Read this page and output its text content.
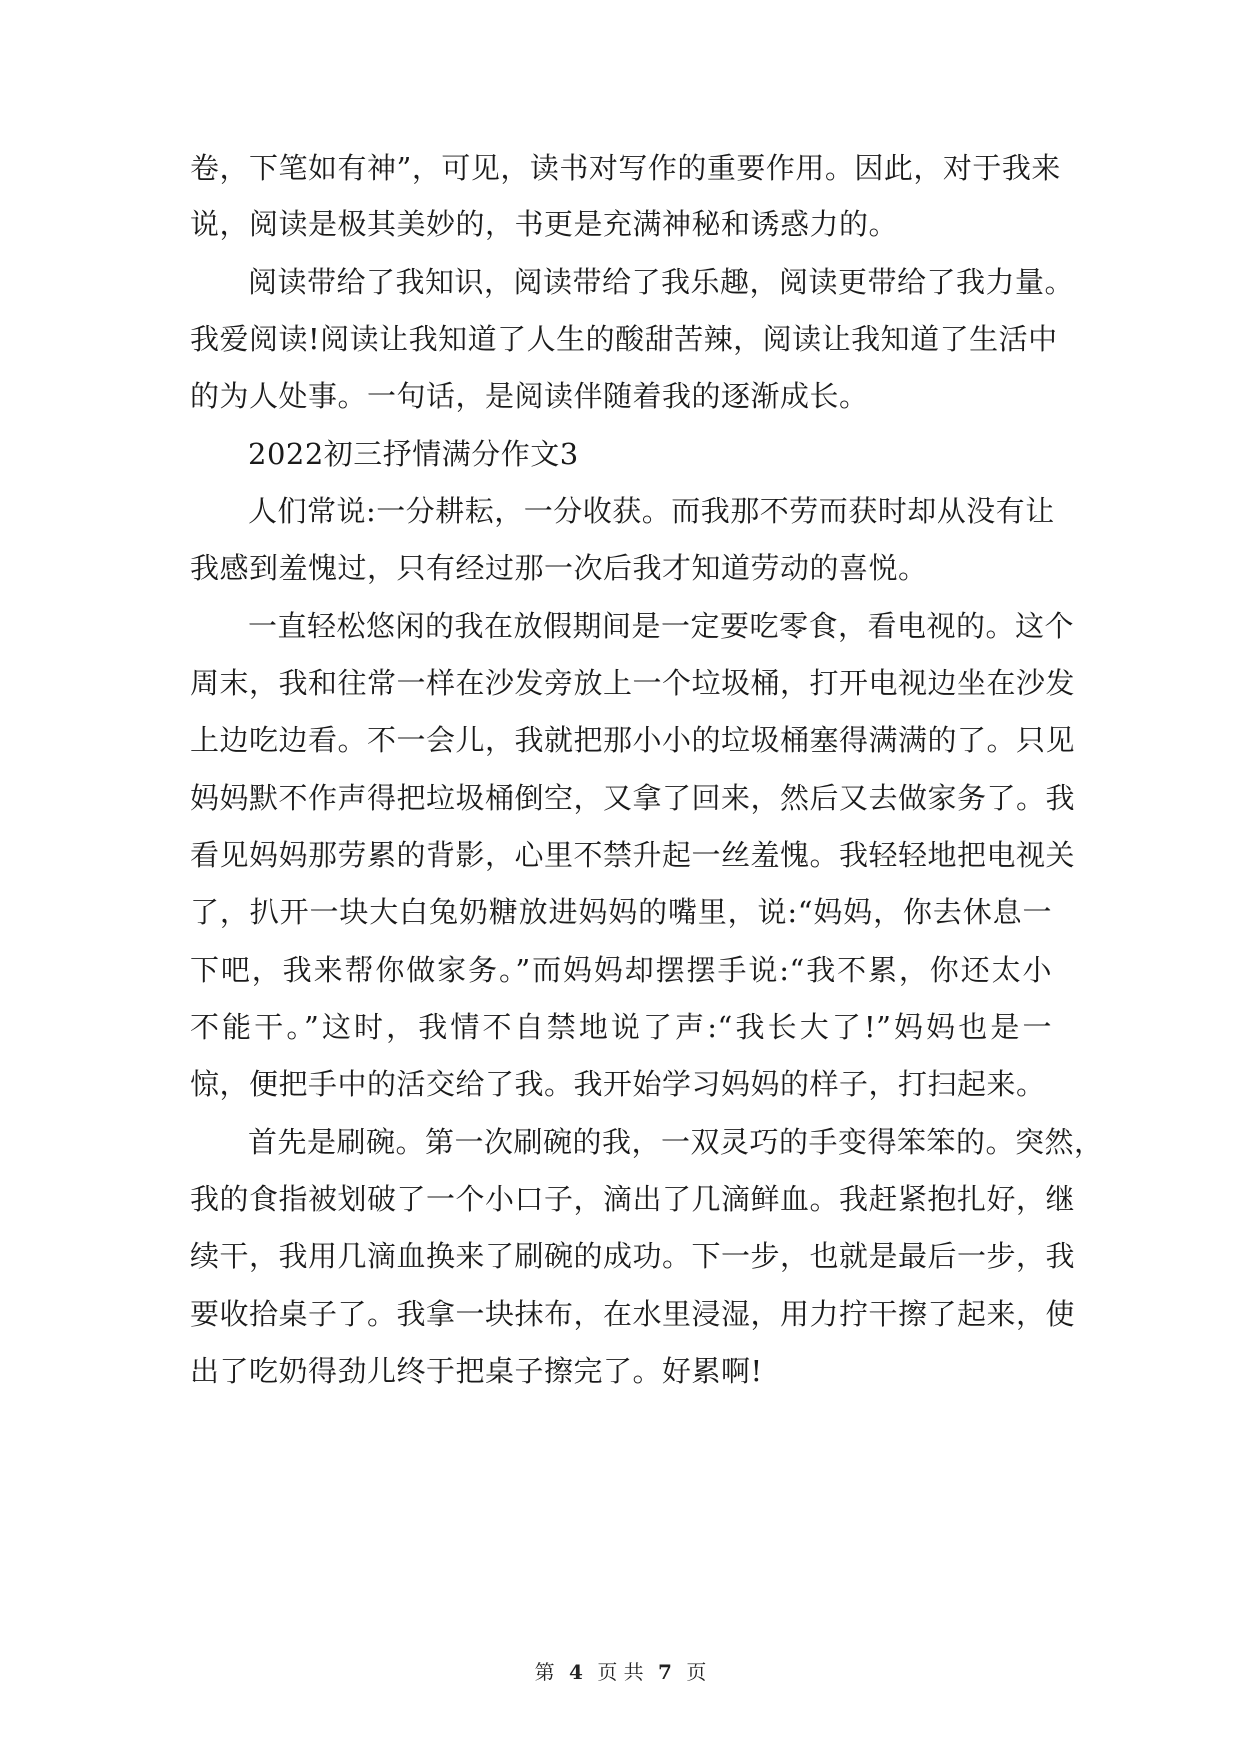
卷，下笔如有神”，可见，读书对写作的重要作用。因此，对于我来
说，阅读是极其美妙的，书更是充满神秘和诱惑力的。
阅读带给了我知识，阅读带给了我乐趣，阅读更带给了我力量。
我爱阅读!阅读让我知道了人生的酸甜苦辣，阅读让我知道了生活中
的为人处事。一句话，是阅读伴随着我的逐渐成长。
2022初三抒情满分作文3
人们常说:一分耕耘，一分收获。而我那不劳而获时却从没有让
我感到羞愧过，只有经过那一次后我才知道劳动的喜悦。
一直轻松悠闲的我在放假期间是一定要吃零食，看电视的。这个
周末，我和往常一样在沙发旁放上一个垃圾桶，打开电视边坐在沙发
上边吃边看。不一会儿，我就把那小小的垃圾桶塞得满满的了。只见
妈妈默不作声得把垃圾桶倒空，又拿了回来，然后又去做家务了。我
看见妈妈那劳累的背影，心里不禁升起一丝羞愧。我轻轻地把电视关
了，扒开一块大白兔奶糖放进妈妈的嘴里，说:“妈妈，你去休息一
下吧，我来帮你做家务。”而妈妈却摆摆手说:“我不累，你还太小
不能干。”这时，我情不自禁地说了声:“我长大了!”妈妈也是一
惊，便把手中的活交给了我。我开始学习妈妈的样子，打扫起来。
首先是刷碗。第一次刷碗的我，一双灵巧的手变得笨笨的。突然，
我的食指被划破了一个小口子，滴出了几滴鲜血。我赶紧抱扎好，继
续干，我用几滴血换来了刷碗的成功。下一步，也就是最后一步，我
要收拾桌子了。我拿一块抹布，在水里浸湿，用力拧干擦了起来，使
出了吃奶得劲儿终于把桌子擦完了。好累啊!
第 4 页 共 7 页
